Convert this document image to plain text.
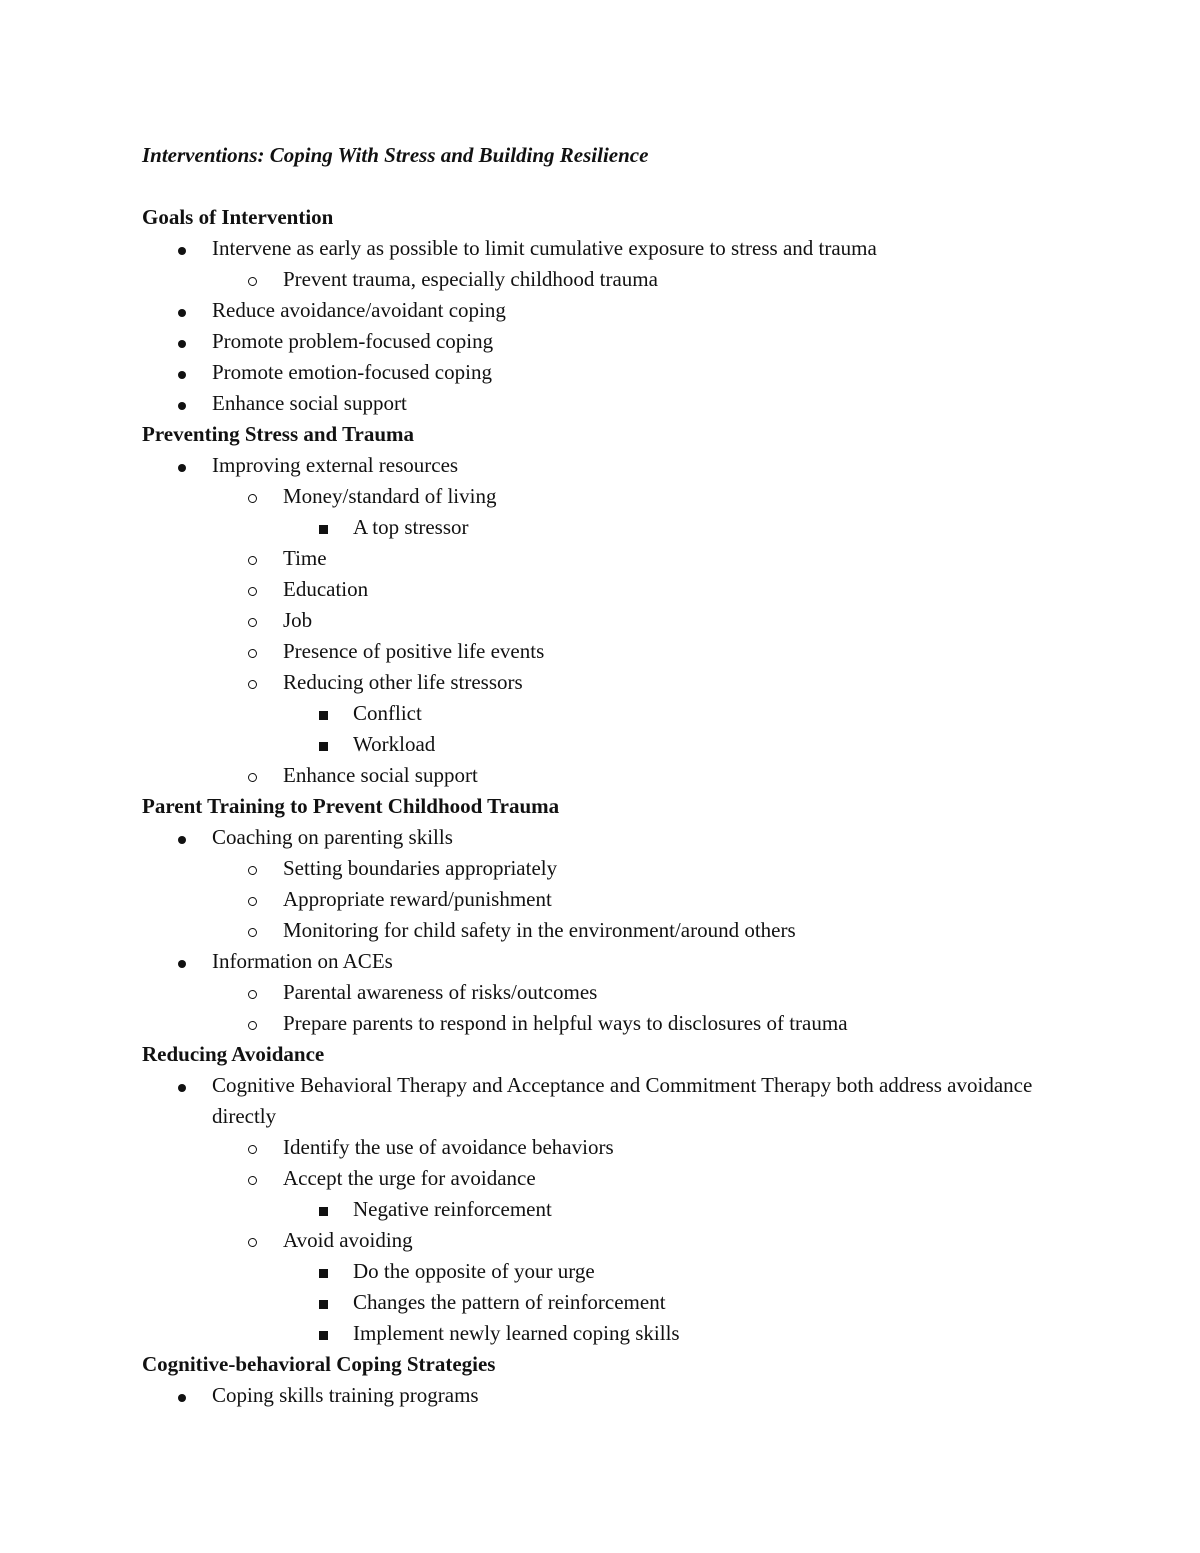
Interventions: Coping With Stress and Building Resilience

Goals of Intervention

Intervene as early as possible to limit cumulative exposure to stress and trauma
Prevent trauma, especially childhood trauma
Reduce avoidance/avoidant coping
Promote problem-focused coping
Promote emotion-focused coping
Enhance social support

Preventing Stress and Trauma

Improving external resources
Money/standard of living
A top stressor
Time
Education
Job
Presence of positive life events
Reducing other life stressors
Conflict
Workload
Enhance social support

Parent Training to Prevent Childhood Trauma

Coaching on parenting skills
Setting boundaries appropriately
Appropriate reward/punishment
Monitoring for child safety in the environment/around others
Information on ACEs
Parental awareness of risks/outcomes
Prepare parents to respond in helpful ways to disclosures of trauma

Reducing Avoidance

Cognitive Behavioral Therapy and Acceptance and Commitment Therapy both address avoidance directly
Identify the use of avoidance behaviors
Accept the urge for avoidance
Negative reinforcement
Avoid avoiding
Do the opposite of your urge
Changes the pattern of reinforcement
Implement newly learned coping skills

Cognitive-behavioral Coping Strategies

Coping skills training programs
